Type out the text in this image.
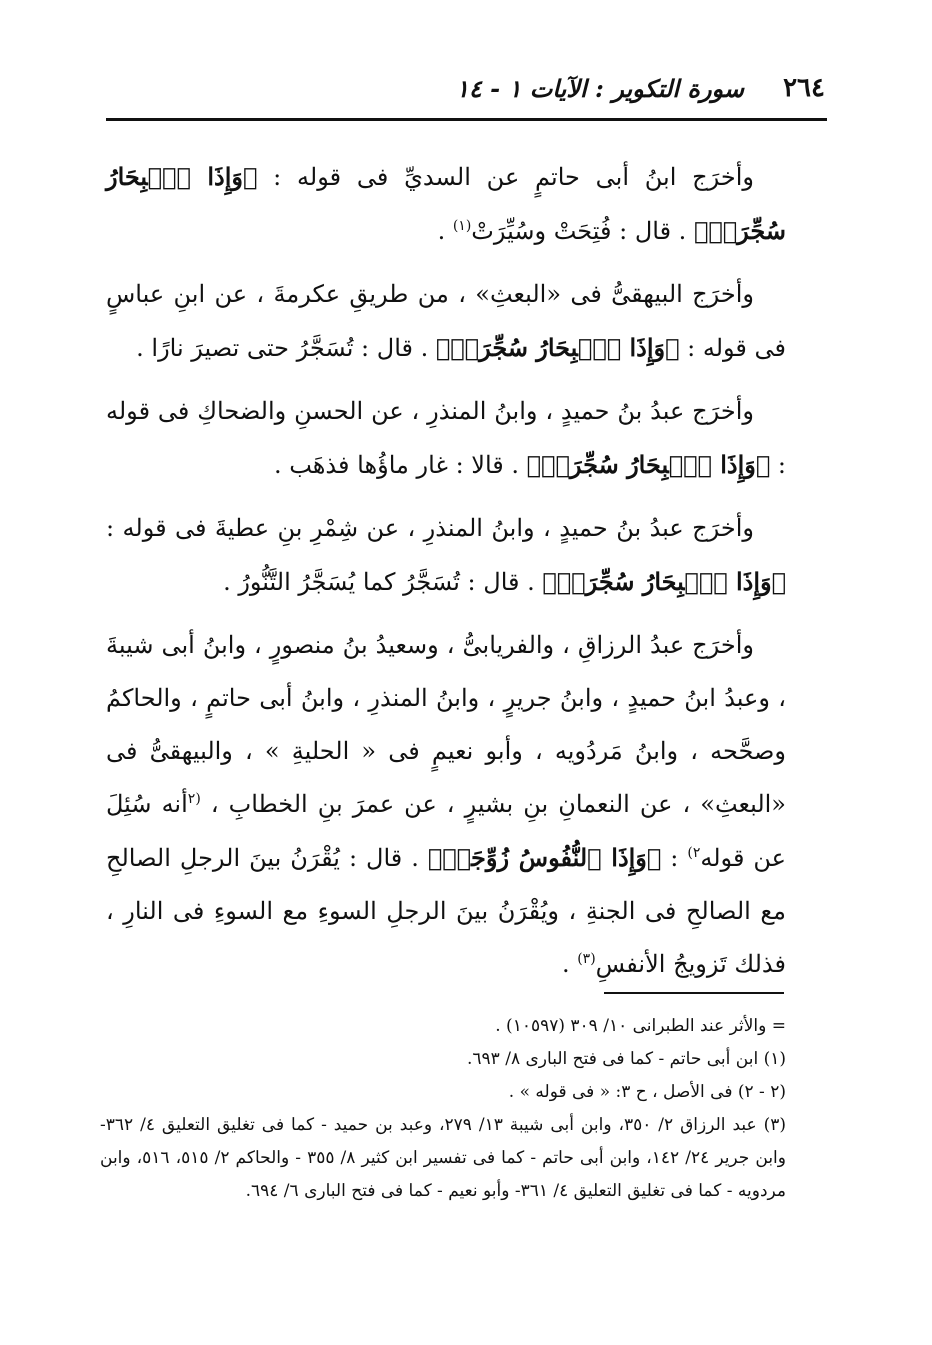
٢٦٤
سورة التكوير : الآيات ١ - ١٤

وأخرَج ابنُ أبى حاتمٍ عن السديِّ فى قوله : ﴿وَإِذَا ٱلۡبِحَارُ سُجِّرَتۡ﴾ . قال : فُتِحَتْ وسُيِّرَتْ$^{(١)}$ .

وأخرَج البيهقىُّ فى «البعثِ» ، من طريقِ عكرمةَ ، عن ابنِ عباسٍ فى قوله : ﴿وَإِذَا ٱلۡبِحَارُ سُجِّرَتۡ﴾ . قال : تُسَجَّرُ حتى تصيرَ نارًا .

وأخرَج عبدُ بنُ حميدٍ ، وابنُ المنذرِ ، عن الحسنِ والضحاكِ فى قوله : ﴿وَإِذَا ٱلۡبِحَارُ سُجِّرَتۡ﴾ . قالا : غار ماؤُها فذهَب .

وأخرَج عبدُ بنُ حميدٍ ، وابنُ المنذرِ ، عن شِمْرِ بنِ عطيةَ فى قوله : ﴿وَإِذَا ٱلۡبِحَارُ سُجِّرَتۡ﴾ . قال : تُسَجَّرُ كما يُسَجَّرُ التَّنُّورُ .

وأخرَج عبدُ الرزاقِ ، والفريابىُّ ، وسعيدُ بنُ منصورٍ ، وابنُ أبى شيبةَ ، وعبدُ ابنُ حميدٍ ، وابنُ جريرٍ ، وابنُ المنذرِ ، وابنُ أبى حاتمٍ ، والحاكمُ وصحَّحه ، وابنُ مَردُويه ، وأبو نعيمٍ فى « الحليةِ » ، والبيهقىُّ فى «البعثِ» ، عن النعمانِ بنِ بشيرٍ ، عن عمرَ بنِ الخطابِ ، $^{(٢}$أنه سُئِلَ عن قوله$^{٢)}$ : ﴿وَإِذَا ٱلنُّفُوسُ زُوِّجَتۡ﴾ . قال : يُقْرَنُ بينَ الرجلِ الصالحِ مع الصالحِ فى الجنةِ ، ويُقْرَنُ بينَ الرجلِ السوءِ مع السوءِ فى النارِ ، فذلك تَزويجُ الأنفسِ$^{(٣)}$ .

= والأثر عند الطبرانى ١٠/ ٣٠٩ (١٠٥٩٧) .

(١) ابن أبى حاتم - كما فى فتح البارى ٨/ ٦٩٣.

(٢ - ٢) فى الأصل ، ح ٣: « فى قوله » .

(٣) عبد الرزاق ٢/ ٣٥٠، وابن أبى شيبة ١٣/ ٢٧٩، وعبد بن حميد - كما فى تغليق التعليق ٤/ ٣٦٢- وابن جرير ٢٤/ ١٤٢، وابن أبى حاتم - كما فى تفسير ابن كثير ٨/ ٣٥٥ - والحاكم ٢/ ٥١٥، ٥١٦، وابن مردويه - كما فى تغليق التعليق ٤/ ٣٦١- وأبو نعيم - كما فى فتح البارى ٦/ ٦٩٤.
